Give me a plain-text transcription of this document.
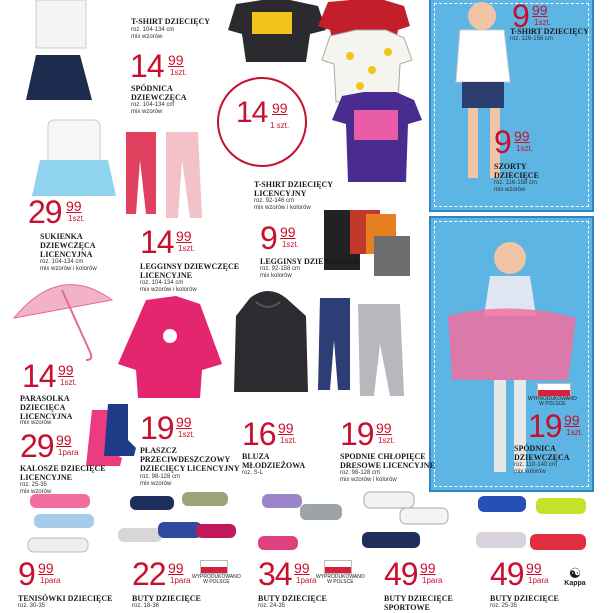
T-SHIRT DZIECIĘCY
roz. 104-134 cm
mix wzorów
14 99
1szt.
SPÓDNICA
DZIEWCZĘCA
roz. 104-134 cm
mix wzorów	14 99
1 szt.
T-SHIRT DZIECIĘCY
LICENCYJNY
roz. 92-146 cm
mix wzorów i kolorów
9 99
1szt.
T-SHIRT DZIECIĘCY
roz. 116-158 cm
9 99
1szt.
SZORTY
DZIECIĘCE
roz. 116-158 cm
mix wzorów
29 99
1szt.
SUKIENKA
DZIEWCZĘCA
LICENCYJNA
roz. 104-134 cm
mix wzorów i kolorów
14 99
1szt.
LEGGINSY DZIEWCZĘCE
LICENCYJNE
roz. 104-134 cm
mix wzorów i kolorów
9 99
1szt.
LEGGINSY DZIEWCZĘCE
roz. 92-158 cm
mix kolorów
WYPRODUKOWANO
W POLSCE
19 99
1szt.
SPÓDNICA
DZIEWCZĘCA
roz. 110-140 cm
mix kolorów
14 99
1szt.
PARASOLKA
DZIECIĘCA
LICENCYJNA
mix wzorów	19 99
1szt.
PŁASZCZ
PRZECIWDESZCZOWY
DZIECIĘCY LICENCYJNY
roz. 98-128 cm
mix wzorów
16 99
1szt.
BLUZA
MŁODZIEŻOWA
roz. S-L
19 99
1szt.
SPODNIE CHŁOPIĘCE
DRESOWE LICENCYJNE
roz. 98-128 cm
mix wzorów i kolorów
29 99
1para
KALOSZE DZIECIĘCE
LICENCYJNE
roz. 25-35
mix wzorów
9 99
1para
TENISÓWKI DZIECIĘCE
roz. 30-35
22 99
1para WYPRODUKOWANO
W POLSCE
BUTY DZIECIĘCE
roz. 18-36
34 99
1para WYPRODUKOWANO
W POLSCE
BUTY DZIECIĘCE
roz. 24-35
49 99
1para
BUTY DZIECIĘCE
SPORTOWE
49 99
1para	☯
Kappa
BUTY DZIECIĘCE
roz. 25-35
